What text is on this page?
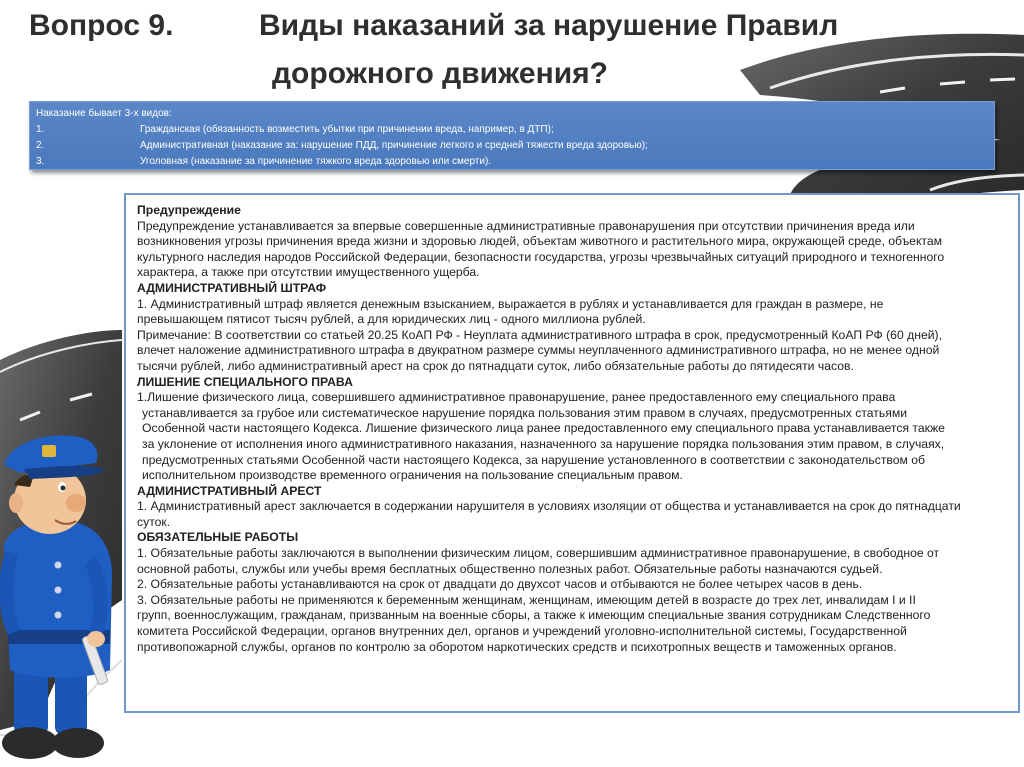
Вопрос 9.	Виды наказаний за нарушение Правил
дорожного движения?
Наказание бывает 3-х видов:
1.	Гражданская (обязанность возместить убытки при причинении вреда, например, в ДТП);
2.	Административная (наказание за: нарушение ПДД, причинение легкого и средней тяжести вреда здоровью);
3.	Уголовная (наказание за причинение тяжкого вреда здоровью или смерти).

Предупреждение

Предупреждение устанавливается за впервые совершенные административные правонарушения при отсутствии причинения вреда или

возникновения угрозы причинения вреда жизни и здоровью людей, объектам животного и растительного мира, окружающей среде, объектам

культурного наследия народов Российской Федерации, безопасности государства, угрозы чрезвычайных ситуаций природного и техногенного

характера, а также при отсутствии имущественного ущерба.

АДМИНИСТРАТИВНЫЙ ШТРАФ

1. Административный штраф является денежным взысканием, выражается в рублях и устанавливается для граждан в размере, не

превышающем пятисот тысяч рублей, а для юридических лиц - одного миллиона рублей.

Примечание: В соответствии со статьей 20.25 КоАП РФ - Неуплата административного штрафа в срок, предусмотренный КоАП РФ (60 дней),

влечет наложение административного штрафа в двукратном размере суммы неуплаченного административного штрафа, но не менее одной

тысячи рублей, либо административный арест на срок до пятнадцати суток, либо обязательные работы до пятидесяти часов.

ЛИШЕНИЕ СПЕЦИАЛЬНОГО ПРАВА

1.Лишение физического лица, совершившего административное правонарушение, ранее предоставленного ему специального права

устанавливается за грубое или систематическое нарушение порядка пользования этим правом в случаях, предусмотренных статьями

Особенной части настоящего Кодекса. Лишение физического лица ранее предоставленного ему специального права устанавливается также

за уклонение от исполнения иного административного наказания, назначенного за нарушение порядка пользования этим правом, в случаях,

предусмотренных статьями Особенной части настоящего Кодекса, за нарушение установленного в соответствии с законодательством об

исполнительном производстве временного ограничения на пользование специальным правом.

АДМИНИСТРАТИВНЫЙ АРЕСТ

1. Административный арест заключается в содержании нарушителя в условиях изоляции от общества и устанавливается на срок до пятнадцати

суток.

ОБЯЗАТЕЛЬНЫЕ РАБОТЫ

1. Обязательные работы заключаются в выполнении физическим лицом, совершившим административное правонарушение, в свободное от

основной работы, службы или учебы время бесплатных общественно полезных работ. Обязательные работы назначаются судьей.

2. Обязательные работы устанавливаются на срок от двадцати до двухсот часов и отбываются не более четырех часов в день.

3. Обязательные работы не применяются к беременным женщинам, женщинам, имеющим детей в возрасте до трех лет, инвалидам I и II

групп, военнослужащим, гражданам, призванным на военные сборы, а также к имеющим специальные звания сотрудникам Следственного

комитета Российской Федерации, органов внутренних дел, органов и учреждений уголовно-исполнительной системы, Государственной

противопожарной службы, органов по контролю за оборотом наркотических средств и психотропных веществ и таможенных органов.
